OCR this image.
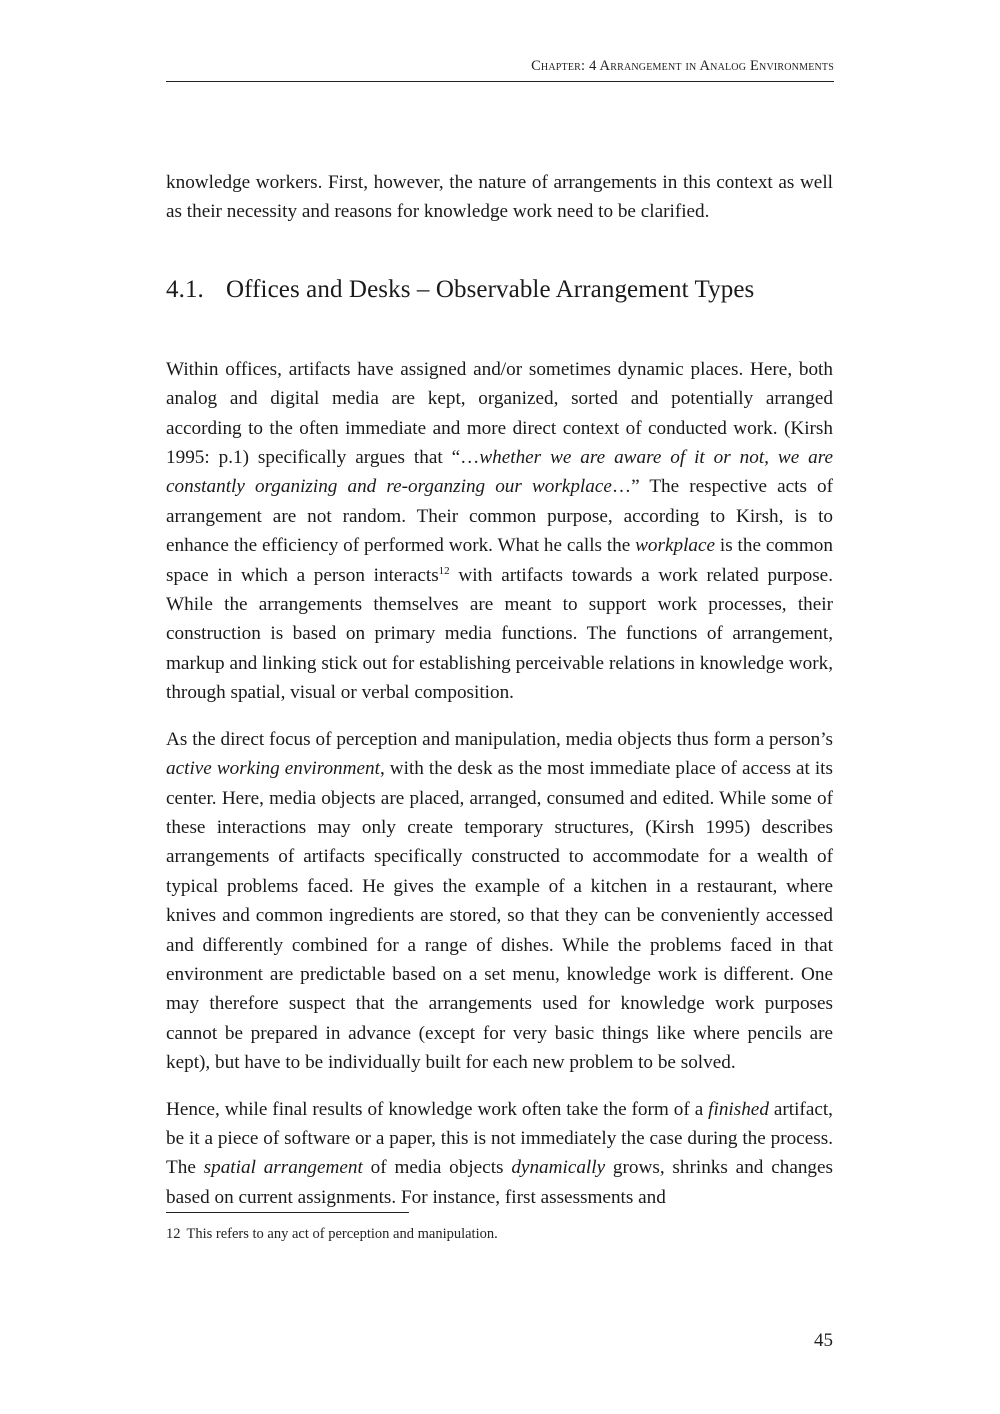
Chapter: 4 Arrangement in Analog Environments

knowledge workers. First, however, the nature of arrangements in this context as well as their necessity and reasons for knowledge work need to be clarified.

4.1. Offices and Desks – Observable Arrangement Types

Within offices, artifacts have assigned and/or sometimes dynamic places. Here, both analog and digital media are kept, organized, sorted and potentially arranged according to the often immediate and more direct context of conducted work. (Kirsh 1995: p.1) specifically argues that “…whether we are aware of it or not, we are constantly organizing and re-organzing our workplace…” The respective acts of arrangement are not random. Their common purpose, according to Kirsh, is to enhance the efficiency of performed work. What he calls the workplace is the common space in which a person interacts$^{12}$ with artifacts towards a work related purpose. While the arrangements themselves are meant to support work processes, their construction is based on primary media functions. The functions of arrangement, markup and linking stick out for establishing perceivable relations in knowledge work, through spatial, visual or verbal composition.

As the direct focus of perception and manipulation, media objects thus form a person’s active working environment, with the desk as the most immediate place of access at its center. Here, media objects are placed, arranged, consumed and edited. While some of these interactions may only create temporary structures, (Kirsh 1995) describes arrangements of artifacts specifically constructed to accommodate for a wealth of typical problems faced. He gives the example of a kitchen in a restaurant, where knives and common ingredients are stored, so that they can be conveniently accessed and differently combined for a range of dishes. While the problems faced in that environment are predictable based on a set menu, knowledge work is different. One may therefore suspect that the arrangements used for knowledge work purposes cannot be prepared in advance (except for very basic things like where pencils are kept), but have to be individually built for each new problem to be solved.

Hence, while final results of knowledge work often take the form of a finished artifact, be it a piece of software or a paper, this is not immediately the case during the process. The spatial arrangement of media objects dynamically grows, shrinks and changes based on current assignments. For instance, first assessments and

12 This refers to any act of perception and manipulation.
45
